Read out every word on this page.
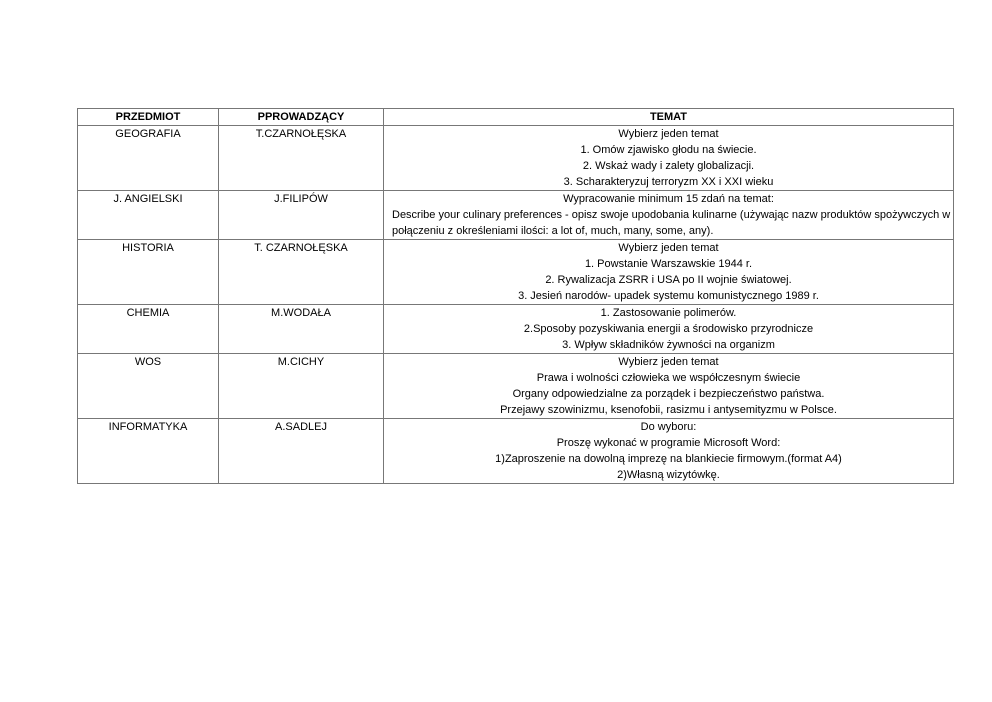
PRZEDMIOT	PPROWADZĄCY	TEMAT
GEOGRAFIA	T.CZARNOŁĘSKA	Wybierz jeden temat
1. Omów zjawisko głodu na świecie.
2. Wskaż wady i zalety globalizacji.
3. Scharakteryzuj terroryzm XX i XXI wieku

J. ANGIELSKI	J.FILIPÓW	Wypracowanie minimum 15 zdań na temat:
Describe your culinary preferences - opisz swoje upodobania kulinarne (używając nazw produktów spożywczych w połączeniu z określeniami ilości: a lot of, much, many, some, any).

HISTORIA	T. CZARNOŁĘSKA	Wybierz jeden temat
1. Powstanie Warszawskie 1944 r.
2. Rywalizacja ZSRR i USA po II wojnie światowej.
3. Jesień narodów- upadek systemu komunistycznego 1989 r.

CHEMIA	M.WODAŁA	1. Zastosowanie polimerów.
2.Sposoby pozyskiwania energii a środowisko przyrodnicze
3. Wpływ składników żywności na organizm

WOS	M.CICHY	Wybierz jeden temat
Prawa i wolności człowieka we współczesnym świecie
Organy odpowiedzialne za porządek i bezpieczeństwo państwa.
Przejawy szowinizmu, ksenofobii, rasizmu i antysemityzmu w Polsce.

INFORMATYKA	A.SADLEJ	Do wyboru:
Proszę wykonać w programie Microsoft Word:
1)Zaproszenie na dowolną imprezę na blankiecie firmowym.(format A4)
2)Własną wizytówkę.
